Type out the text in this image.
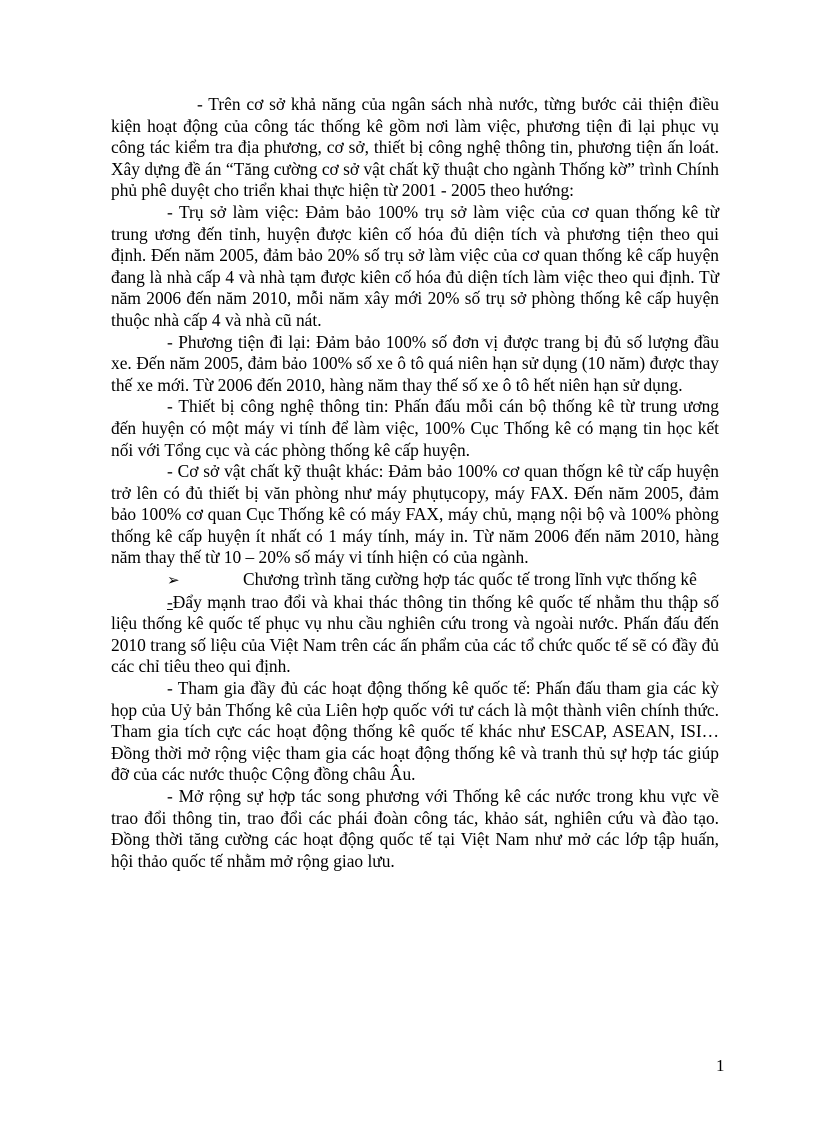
- Trên cơ sở khả năng của ngân sách nhà nước, từng bước cải thiện điều kiện hoạt động của công tác thống kê gồm nơi làm việc, phương tiện đi lại phục vụ công tác kiểm tra địa phương, cơ sở, thiết bị công nghệ thông tin, phương tiện ấn loát. Xây dựng đề án “Tăng cường cơ sở vật chất kỹ thuật cho ngành Thống kờ” trình Chính phủ phê duyệt cho triển khai thực hiện từ 2001 - 2005 theo hướng:

- Trụ sở làm việc: Đảm bảo 100% trụ sở làm việc của cơ quan thống kê từ trung ương đến tỉnh, huyện được kiên cố hóa đủ diện tích và phương tiện theo qui định. Đến năm 2005, đảm bảo 20% số trụ sở làm việc của cơ quan thống kê cấp huyện đang là nhà cấp 4 và nhà tạm được kiên cố hóa đủ diện tích làm việc theo qui định. Từ năm 2006 đến năm 2010, mỗi năm xây mới 20% số trụ sở phòng thống kê cấp huyện thuộc nhà cấp 4 và nhà cũ nát.

- Phương tiện đi lại: Đảm bảo 100% số đơn vị được trang bị đủ số lượng đầu xe. Đến năm 2005, đảm bảo 100% số xe ô tô quá niên hạn sử dụng (10 năm) được thay thế xe mới. Từ 2006 đến 2010, hàng năm thay thế số xe ô tô hết niên hạn sử dụng.

- Thiết bị công nghệ thông tin: Phấn đấu mỗi cán bộ thống kê từ trung ương đến huyện có một máy vi tính để làm việc, 100% Cục Thống kê có mạng tin học kết nối với Tổng cục và các phòng thống kê cấp huyện.

- Cơ sở vật chất kỹ thuật khác: Đảm bảo 100% cơ quan thốgn kê từ cấp huyện trở lên có đủ thiết bị văn phòng như máy phụtụcopy, máy FAX. Đến năm 2005, đảm bảo 100% cơ quan Cục Thống kê có máy FAX, máy chủ, mạng nội bộ và 100% phòng thống kê cấp huyện ít nhất có 1 máy tính, máy in. Từ năm 2006 đến năm 2010, hàng năm thay thế từ 10 – 20% số máy vi tính hiện có của ngành.

➢	Chương trình tăng cường hợp tác quốc tế trong lĩnh vực thống kê

-Đẩy mạnh trao đổi và khai thác thông tin thống kê quốc tế nhằm thu thập số liệu thống kê quốc tế phục vụ nhu cầu nghiên cứu trong và ngoài nước. Phấn đấu đến 2010 trang số liệu của Việt Nam trên các ấn phẩm của các tổ chức quốc tế sẽ có đầy đủ các chỉ tiêu theo qui định.

- Tham gia đầy đủ các hoạt động thống kê quốc tế: Phấn đấu tham gia các kỳ họp của Uỷ bản Thống kê của Liên hợp quốc với tư cách là một thành viên chính thức. Tham gia tích cực các hoạt động thống kê quốc tế khác như ESCAP, ASEAN, ISI… Đồng thời mở rộng việc tham gia các hoạt động thống kê và tranh thủ sự hợp tác giúp đỡ của các nước thuộc Cộng đồng châu Âu.

- Mở rộng sự hợp tác song phương với Thống kê các nước trong khu vực về trao đổi thông tin, trao đổi các phái đoàn công tác, khảo sát, nghiên cứu và đào tạo. Đồng thời tăng cường các hoạt động quốc tế tại Việt Nam như mở các lớp tập huấn, hội thảo quốc tế nhằm mở rộng giao lưu.

1
